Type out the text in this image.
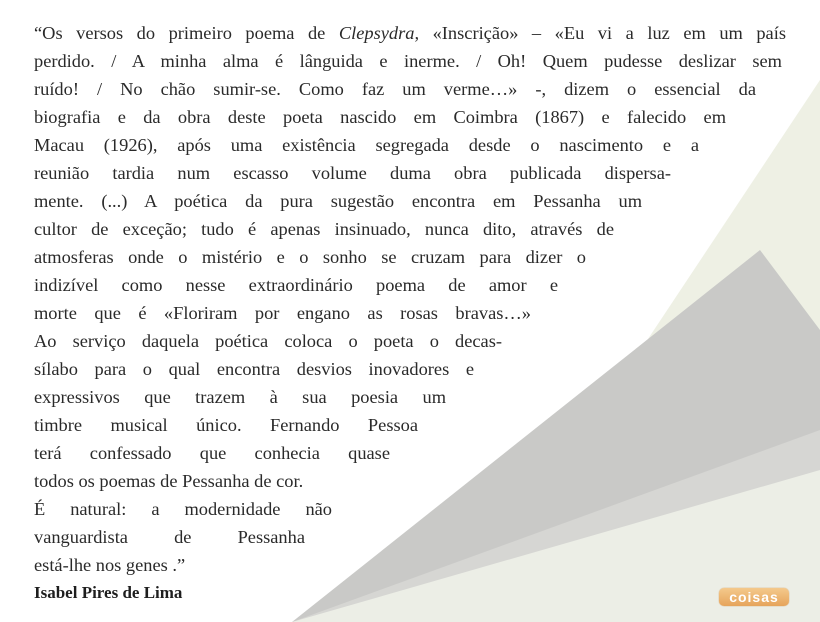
“Os versos do primeiro poema de Clepsydra, «Inscrição» – «Eu vi a luz em um país
perdido. / A minha alma é lânguida e inerme. / Oh! Quem pudesse deslizar sem
ruído! / No chão sumir-se. Como faz um verme…» -, dizem o essencial da
biografia e da obra deste poeta nascido em Coimbra (1867) e falecido em
Macau (1926), após uma existência segregada desde o nascimento e a
reunião tardia num escasso volume duma obra publicada dispersa-
mente. (...) A poética da pura sugestão encontra em Pessanha um
cultor de exceção; tudo é apenas insinuado, nunca dito, através de
atmosferas onde o mistério e o sonho se cruzam para dizer o
indizível como nesse extraordinário poema de amor e
morte que é «Floriram por engano as rosas bravas…»
Ao serviço daquela poética coloca o poeta o decas-
sílabo para o qual encontra desvios inovadores e
expressivos que trazem à sua poesia um
timbre musical único. Fernando Pessoa
terá confessado que conhecia quase
todos os poemas de Pessanha de cor.
É natural: a modernidade não
vanguardista de Pessanha
está-lhe nos genes .”
Isabel Pires de Lima	coisas
